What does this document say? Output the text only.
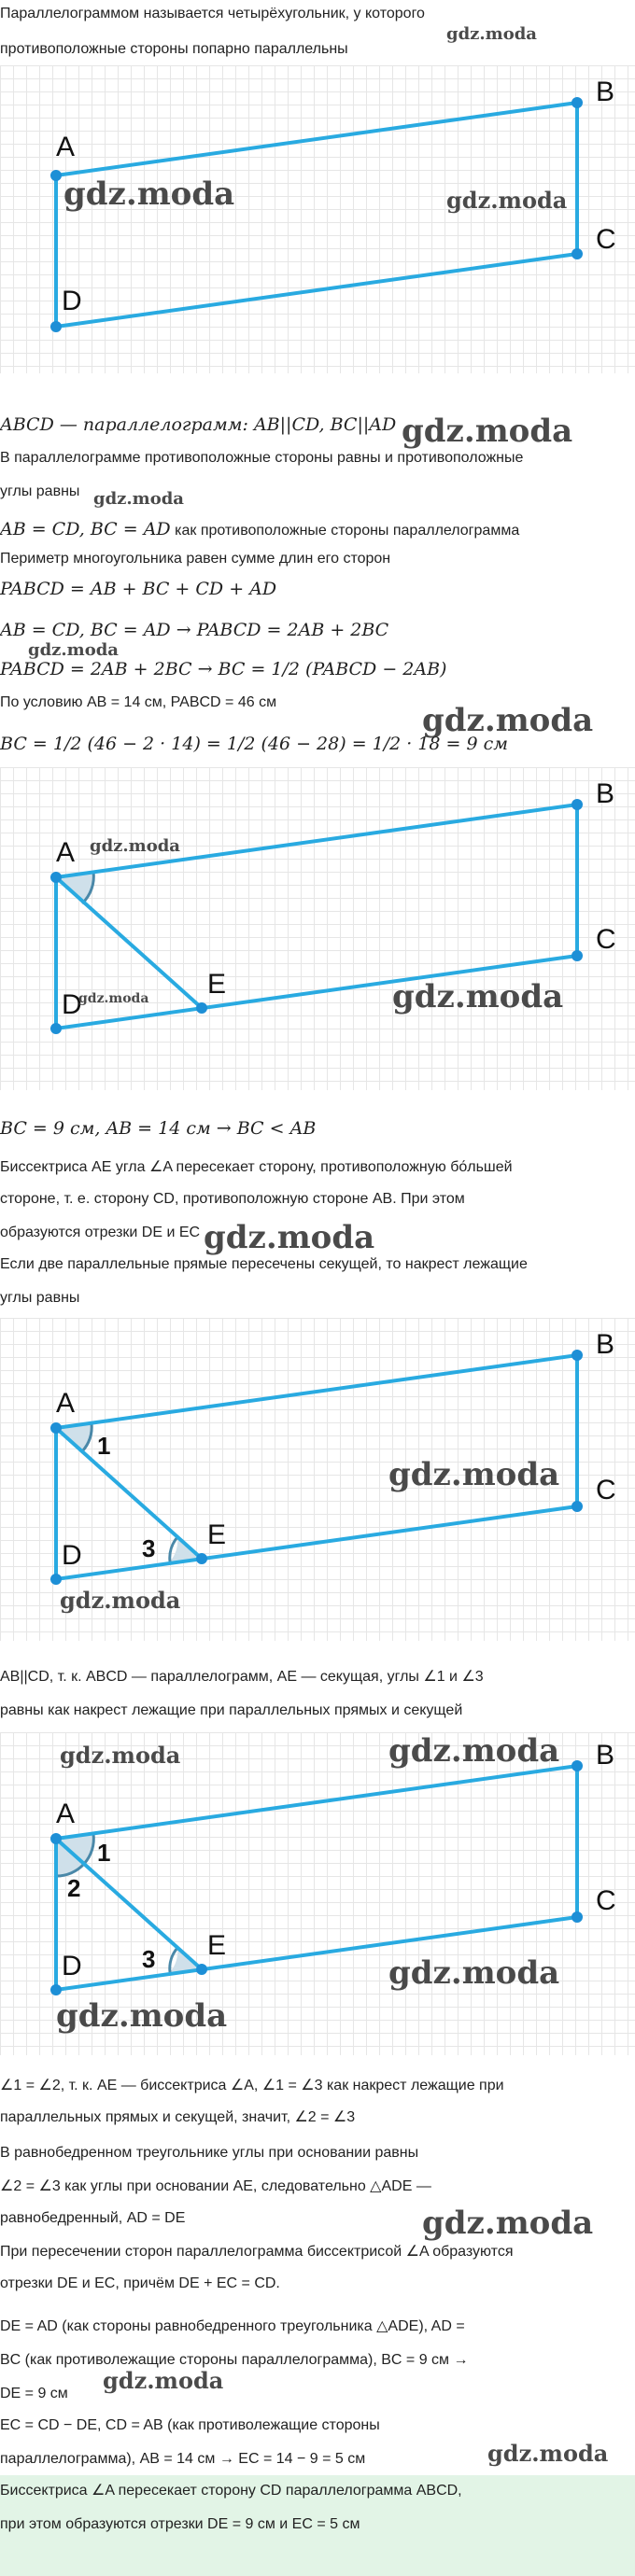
Параллелограммом называется четырёхугольник, у которого
противоположные стороны попарно параллельны
A
B
C
D
gdz.moda
gdz.moda	gdz.moda
ABCD — параллелограмм: AB||CD, BC||AD gdz.moda
В параллелограмме противоположные стороны равны и противоположные
углы равны gdz.moda
AB = CD, BC = AD как противоположные стороны параллелограмма
Периметр многоугольника равен сумме длин его сторон
PABCD = AB + BC + CD + AD
AB = CD, BC = AD → PABCD = 2AB + 2BC
gdz.moda
PABCD = 2AB + 2BC → BC = 1/2 (PABCD − 2AB)
По условию AB = 14 см, PABCD = 46 см	gdz.moda
BC = 1/2 (46 − 2 · 14) = 1/2 (46 − 28) = 1/2 · 18 = 9 см
A
B
C
D
E
gdz.moda
gdz.moda	gdz.moda
BC = 9 см, AB = 14 см → BC < AB
Биссектриса AE угла ∠A пересекает сторону, противоположную бо́льшей
стороне, т. е. сторону CD, противоположную стороне AB. При этом
образуются отрезки DE и EC gdz.moda
Если две параллельные прямые пересечены секущей, то накрест лежащие
углы равны
A
B
C
D
E
1
3
gdz.moda
gdz.moda
AB||CD, т. к. ABCD — параллелограмм, AE — секущая, углы ∠1 и ∠3
равны как накрест лежащие при параллельных прямых и секущей
A
B
C
D
E
1
2
3
gdz.moda	gdz.moda
gdz.moda
gdz.moda
∠1 = ∠2, т. к. AE — биссектриса ∠A, ∠1 = ∠3 как накрест лежащие при
параллельных прямых и секущей, значит, ∠2 = ∠3
В равнобедренном треугольнике углы при основании равны
∠2 = ∠3 как углы при основании AE, следовательно △ADE —
равнобедренный, AD = DE	gdz.moda
При пересечении сторон параллелограмма биссектрисой ∠A образуются
отрезки DE и EC, причём DE + EC = CD.
DE = AD (как стороны равнобедренного треугольника △ADE), AD =
BC (как противолежащие стороны параллелограмма), BC = 9 см →
DE = 9 см	gdz.moda
EC = CD − DE, CD = AB (как противолежащие стороны
параллелограмма), AB = 14 см → EC = 14 − 9 = 5 см	gdz.moda
Биссектриса ∠A пересекает сторону CD параллелограмма ABCD,
при этом образуются отрезки DE = 9 см и EC = 5 см
